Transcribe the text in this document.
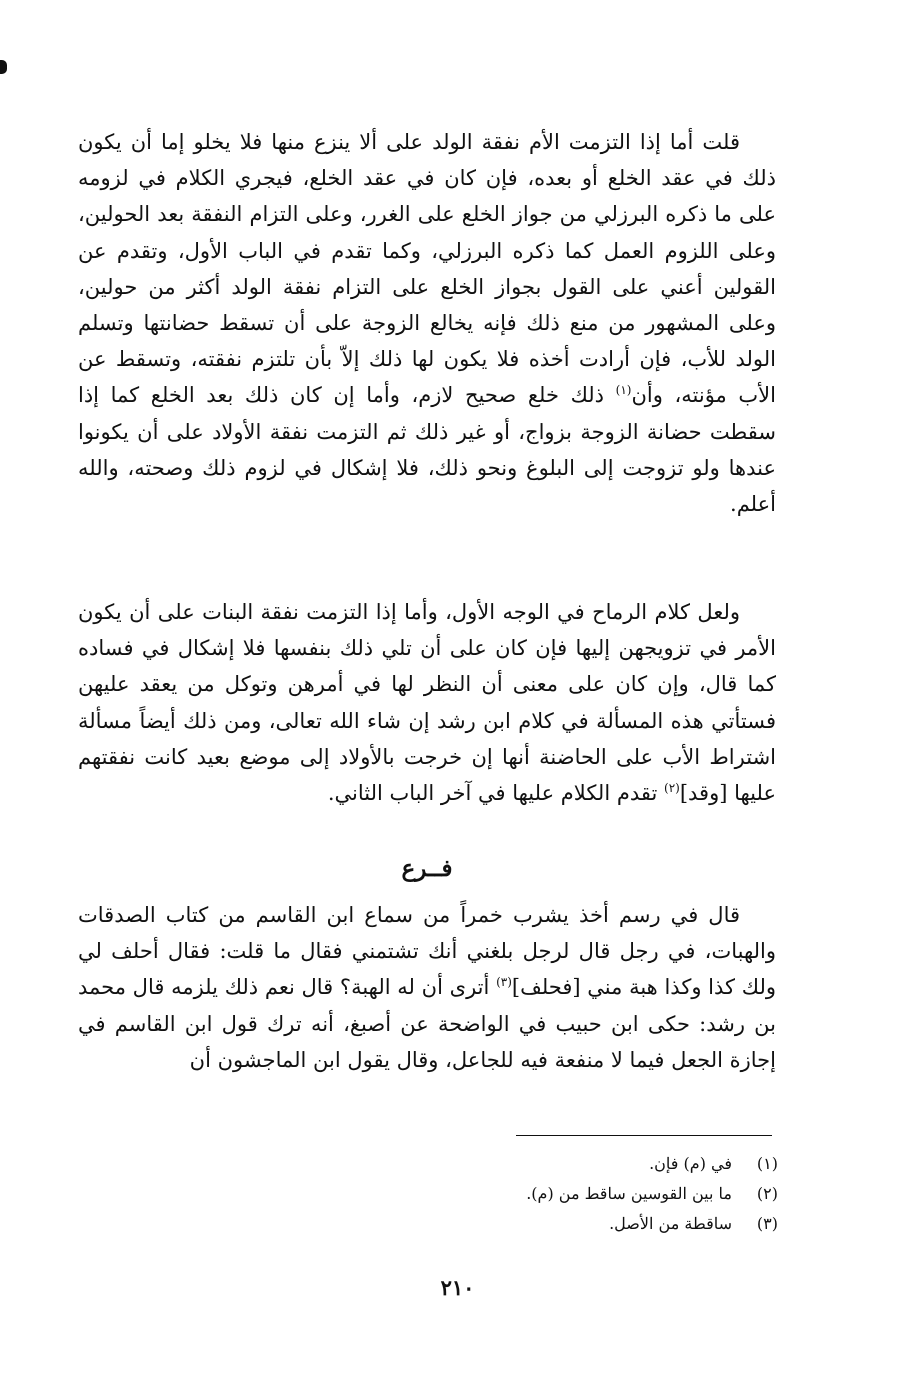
قلت أما إذا التزمت الأم نفقة الولد على ألا ينزع منها فلا يخلو إما أن يكون ذلك في عقد الخلع أو بعده، فإن كان في عقد الخلع، فيجري الكلام في لزومه على ما ذكره البرزلي من جواز الخلع على الغرر، وعلى التزام النفقة بعد الحولين، وعلى اللزوم العمل كما ذكره البرزلي، وكما تقدم في الباب الأول، وتقدم عن القولين أعني على القول بجواز الخلع على التزام نفقة الولد أكثر من حولين، وعلى المشهور من منع ذلك فإنه يخالع الزوجة على أن تسقط حضانتها وتسلم الولد للأب، فإن أرادت أخذه فلا يكون لها ذلك إلاّ بأن تلتزم نفقته، وتسقط عن الأب مؤنته، وأن$^{(١)}$ ذلك خلع صحيح لازم، وأما إن كان ذلك بعد الخلع كما إذا سقطت حضانة الزوجة بزواج، أو غير ذلك ثم التزمت نفقة الأولاد على أن يكونوا عندها ولو تزوجت إلى البلوغ ونحو ذلك، فلا إشكال في لزوم ذلك وصحته، والله أعلم.

ولعل كلام الرماح في الوجه الأول، وأما إذا التزمت نفقة البنات على أن يكون الأمر في تزويجهن إليها فإن كان على أن تلي ذلك بنفسها فلا إشكال في فساده كما قال، وإن كان على معنى أن النظر لها في أمرهن وتوكل من يعقد عليهن فستأتي هذه المسألة في كلام ابن رشد إن شاء الله تعالى، ومن ذلك أيضاً مسألة اشتراط الأب على الحاضنة أنها إن خرجت بالأولاد إلى موضع بعيد كانت نفقتهم عليها [وقد]$^{(٢)}$ تقدم الكلام عليها في آخر الباب الثاني.

فــرع

قال في رسم أخذ يشرب خمراً من سماع ابن القاسم من كتاب الصدقات والهبات، في رجل قال لرجل بلغني أنك تشتمني فقال ما قلت: فقال أحلف لي ولك كذا وكذا هبة مني [فحلف]$^{(٣)}$ أترى أن له الهبة؟ قال نعم ذلك يلزمه قال محمد بن رشد: حكى ابن حبيب في الواضحة عن أصبغ، أنه ترك قول ابن القاسم في إجازة الجعل فيما لا منفعة فيه للجاعل، وقال يقول ابن الماجشون أن

(١)في (م) فإن.
(٢)ما بين القوسين ساقط من (م).
(٣)ساقطة من الأصل.
٢١٠
